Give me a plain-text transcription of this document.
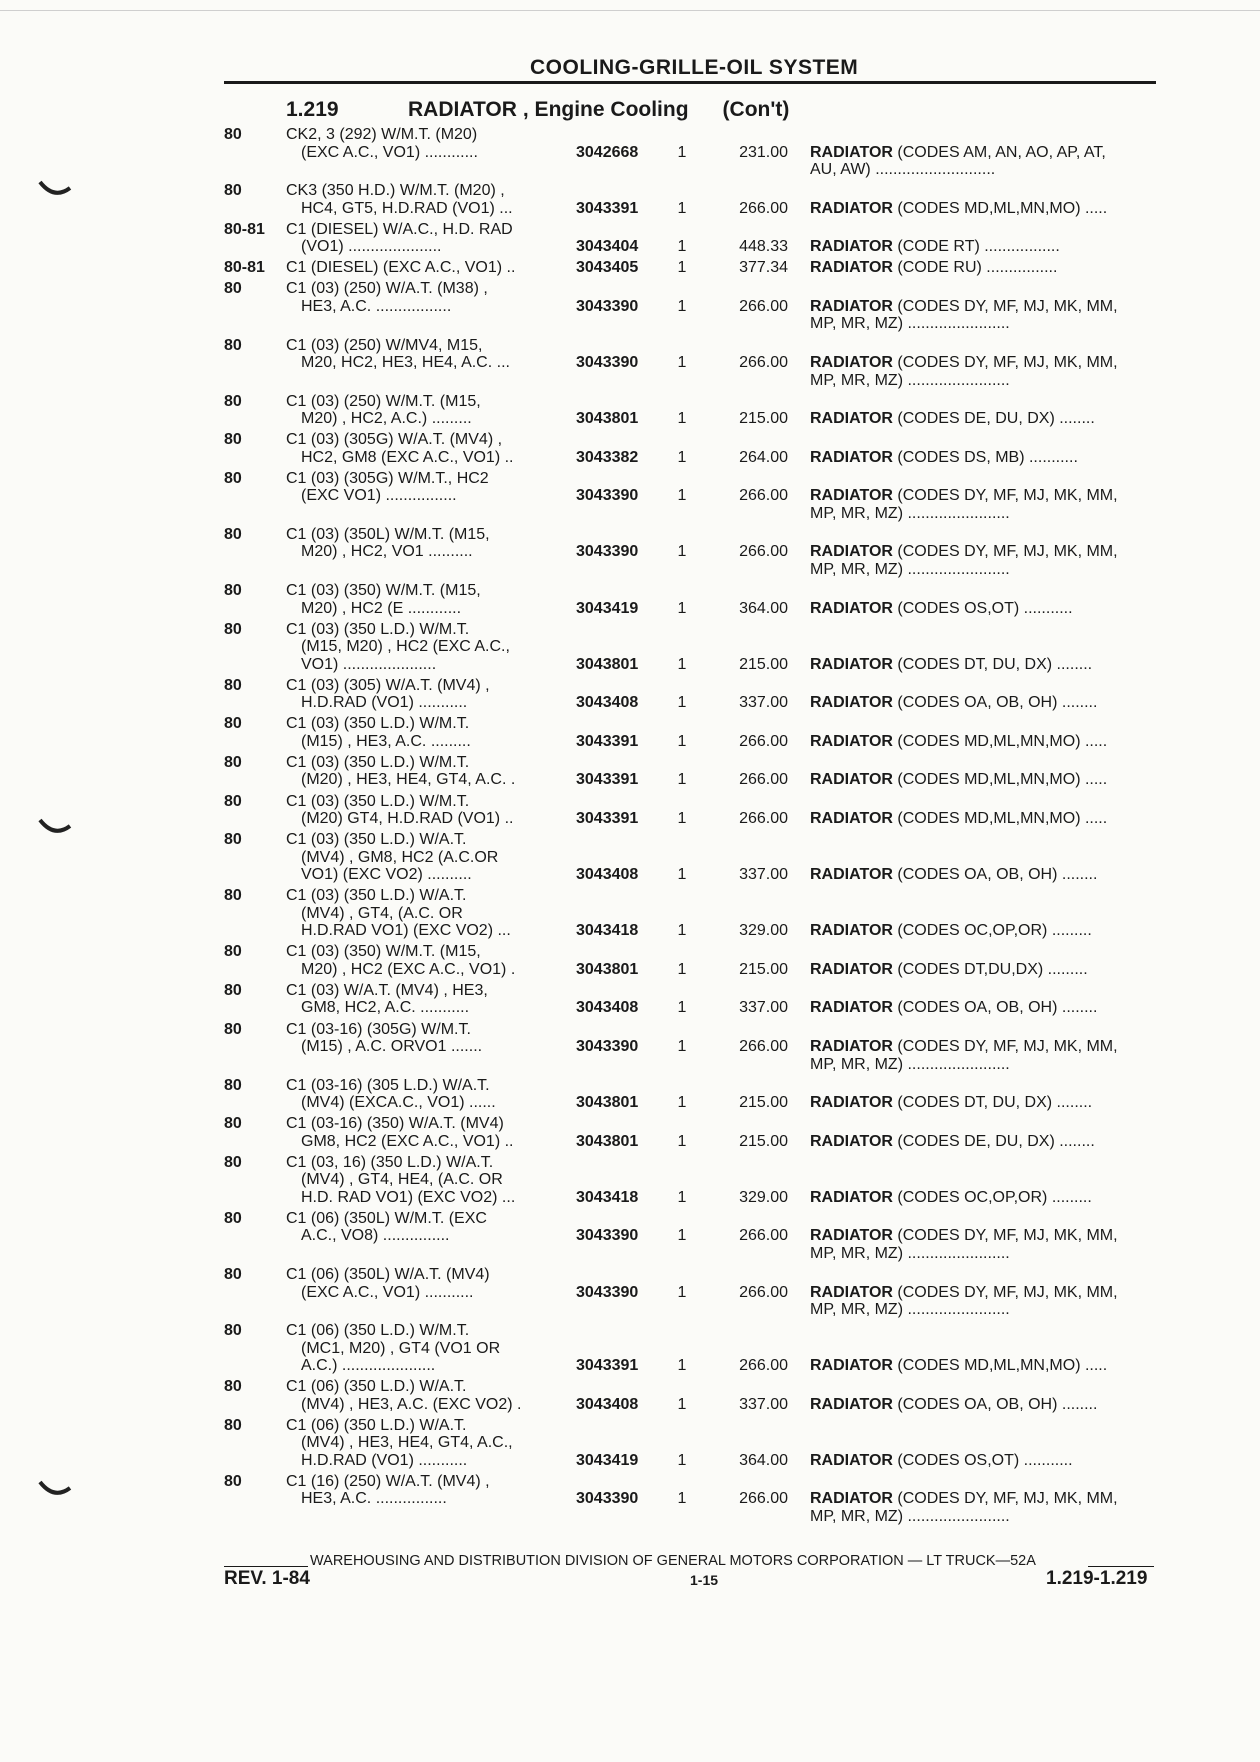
COOLING-GRILLE-OIL SYSTEM
1.219	RADIATOR , Engine Cooling (Con't)
80	CK2, 3 (292) W/M.T. (M20)
(EXC A.C., VO1) ............	3042668	1	231.00 RADIATOR (CODES AM, AN, AO, AP, AT,
AU, AW) ...........................
80	CK3 (350 H.D.) W/M.T. (M20) ,
HC4, GT5, H.D.RAD (VO1) ...	3043391	1	266.00 RADIATOR (CODES MD,ML,MN,MO) .....
80-81	C1 (DIESEL) W/A.C., H.D. RAD
(VO1) .....................	3043404	1	448.33 RADIATOR (CODE RT) .................
80-81	C1 (DIESEL) (EXC A.C., VO1) ..	3043405	1	377.34 RADIATOR (CODE RU) ................
80	C1 (03) (250) W/A.T. (M38) ,
HE3, A.C. .................	3043390	1	266.00 RADIATOR (CODES DY, MF, MJ, MK, MM,
MP, MR, MZ) .......................
80	C1 (03) (250) W/MV4, M15,
M20, HC2, HE3, HE4, A.C. ...	3043390	1	266.00 RADIATOR (CODES DY, MF, MJ, MK, MM,
MP, MR, MZ) .......................
80	C1 (03) (250) W/M.T. (M15,
M20) , HC2, A.C.) .........	3043801	1	215.00 RADIATOR (CODES DE, DU, DX) ........
80	C1 (03) (305G) W/A.T. (MV4) ,
HC2, GM8 (EXC A.C., VO1) ..	3043382	1	264.00 RADIATOR (CODES DS, MB) ...........
80	C1 (03) (305G) W/M.T., HC2
(EXC VO1) ................	3043390	1	266.00 RADIATOR (CODES DY, MF, MJ, MK, MM,
MP, MR, MZ) .......................
80	C1 (03) (350L) W/M.T. (M15,
M20) , HC2, VO1 ..........	3043390	1	266.00 RADIATOR (CODES DY, MF, MJ, MK, MM,
MP, MR, MZ) .......................
80	C1 (03) (350) W/M.T. (M15,
M20) , HC2 (E ............	3043419	1	364.00 RADIATOR (CODES OS,OT) ...........
80	C1 (03) (350 L.D.) W/M.T.
(M15, M20) , HC2 (EXC A.C.,
VO1) .....................	3043801	1	215.00 RADIATOR (CODES DT, DU, DX) ........
80	C1 (03) (305) W/A.T. (MV4) ,
H.D.RAD (VO1) ...........	3043408	1	337.00 RADIATOR (CODES OA, OB, OH) ........
80	C1 (03) (350 L.D.) W/M.T.
(M15) , HE3, A.C. .........	3043391	1	266.00 RADIATOR (CODES MD,ML,MN,MO) .....
80	C1 (03) (350 L.D.) W/M.T.
(M20) , HE3, HE4, GT4, A.C. .	3043391	1	266.00 RADIATOR (CODES MD,ML,MN,MO) .....
80	C1 (03) (350 L.D.) W/M.T.
(M20) GT4, H.D.RAD (VO1) ..	3043391	1	266.00 RADIATOR (CODES MD,ML,MN,MO) .....
80	C1 (03) (350 L.D.) W/A.T.
(MV4) , GM8, HC2 (A.C.OR
VO1) (EXC VO2) ..........	3043408	1	337.00 RADIATOR (CODES OA, OB, OH) ........
80	C1 (03) (350 L.D.) W/A.T.
(MV4) , GT4, (A.C. OR
H.D.RAD VO1) (EXC VO2) ...	3043418	1	329.00 RADIATOR (CODES OC,OP,OR) .........
80	C1 (03) (350) W/M.T. (M15,
M20) , HC2 (EXC A.C., VO1) .	3043801	1	215.00 RADIATOR (CODES DT,DU,DX) .........
80	C1 (03) W/A.T. (MV4) , HE3,
GM8, HC2, A.C. ...........	3043408	1	337.00 RADIATOR (CODES OA, OB, OH) ........
80	C1 (03-16) (305G) W/M.T.
(M15) , A.C. ORVO1 .......	3043390	1	266.00 RADIATOR (CODES DY, MF, MJ, MK, MM,
MP, MR, MZ) .......................
80	C1 (03-16) (305 L.D.) W/A.T.
(MV4) (EXCA.C., VO1) ......	3043801	1	215.00 RADIATOR (CODES DT, DU, DX) ........
80	C1 (03-16) (350) W/A.T. (MV4)
GM8, HC2 (EXC A.C., VO1) ..	3043801	1	215.00 RADIATOR (CODES DE, DU, DX) ........
80	C1 (03, 16) (350 L.D.) W/A.T.
(MV4) , GT4, HE4, (A.C. OR
H.D. RAD VO1) (EXC VO2) ...	3043418	1	329.00 RADIATOR (CODES OC,OP,OR) .........
80	C1 (06) (350L) W/M.T. (EXC
A.C., VO8) ...............	3043390	1	266.00 RADIATOR (CODES DY, MF, MJ, MK, MM,
MP, MR, MZ) .......................
80	C1 (06) (350L) W/A.T. (MV4)
(EXC A.C., VO1) ...........	3043390	1	266.00 RADIATOR (CODES DY, MF, MJ, MK, MM,
MP, MR, MZ) .......................
80	C1 (06) (350 L.D.) W/M.T.
(MC1, M20) , GT4 (VO1 OR
A.C.) .....................	3043391	1	266.00 RADIATOR (CODES MD,ML,MN,MO) .....
80	C1 (06) (350 L.D.) W/A.T.
(MV4) , HE3, A.C. (EXC VO2) .	3043408	1	337.00 RADIATOR (CODES OA, OB, OH) ........
80	C1 (06) (350 L.D.) W/A.T.
(MV4) , HE3, HE4, GT4, A.C.,
H.D.RAD (VO1) ...........	3043419	1	364.00 RADIATOR (CODES OS,OT) ...........
80	C1 (16) (250) W/A.T. (MV4) ,
HE3, A.C. ................	3043390	1	266.00 RADIATOR (CODES DY, MF, MJ, MK, MM,
MP, MR, MZ) .......................
WAREHOUSING AND DISTRIBUTION DIVISION OF GENERAL MOTORS CORPORATION — LT TRUCK—52A
REV. 1-84	1-15	1.219-1.219
